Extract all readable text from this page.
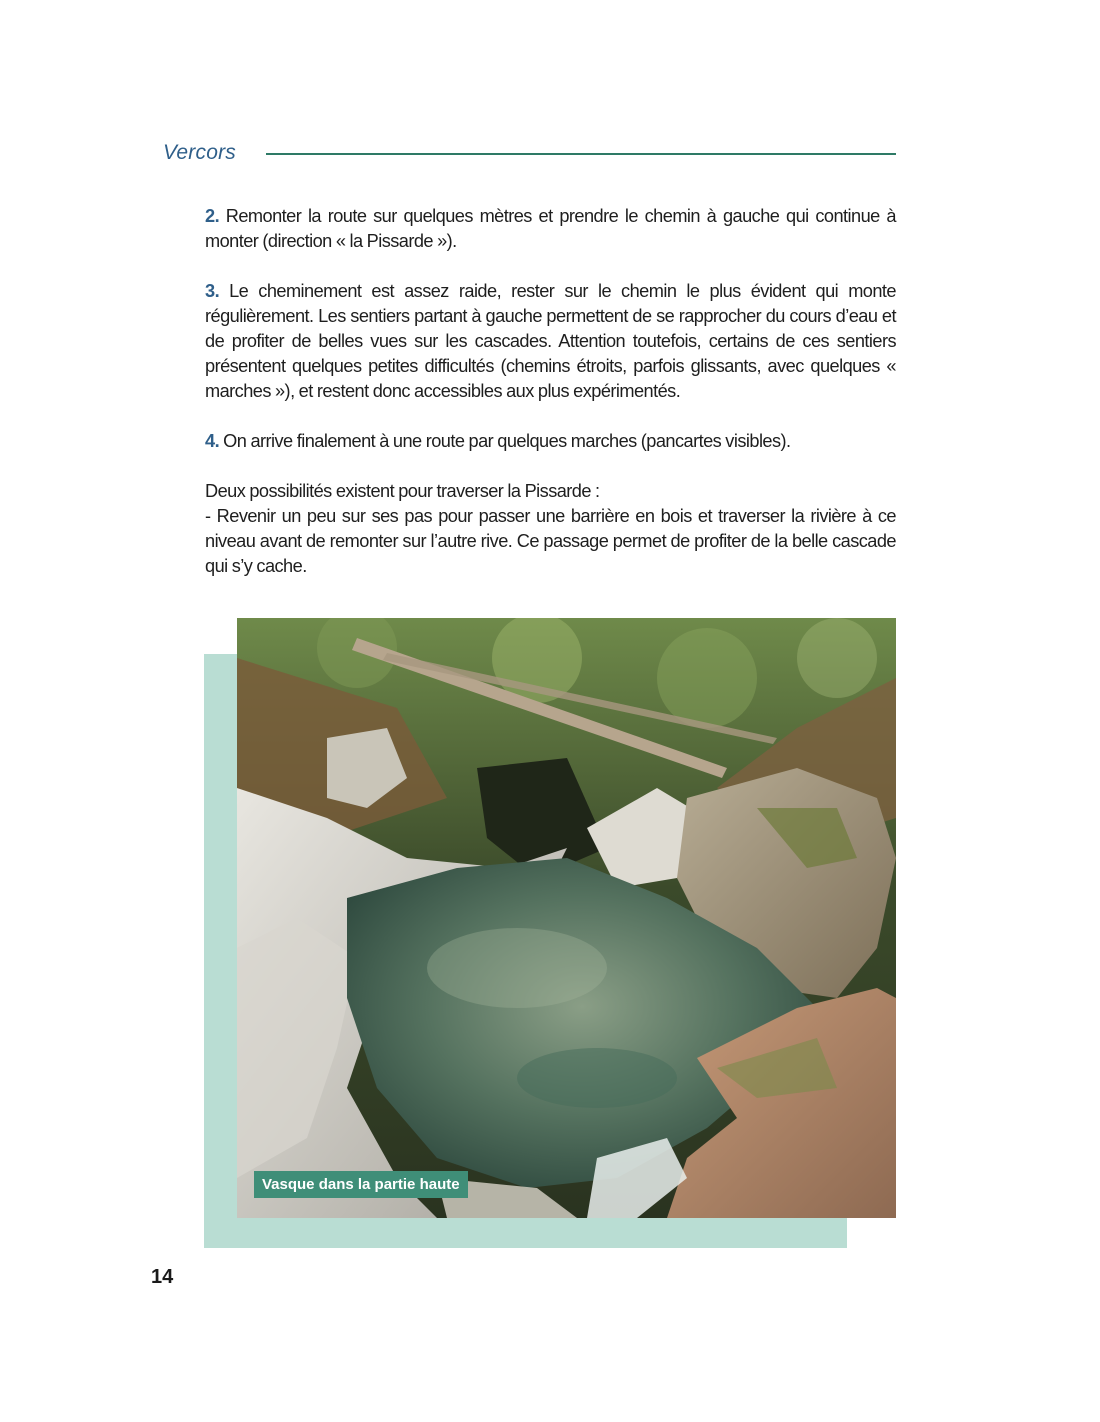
Vercors

2. Remonter la route sur quelques mètres et prendre le chemin à gauche qui continue à monter (direction « la Pissarde »).

3. Le cheminement est assez raide, rester sur le chemin le plus évident qui monte régulièrement. Les sentiers partant à gauche permettent de se rapprocher du cours d’eau et de profiter de belles vues sur les cascades. Attention toutefois, certains de ces sentiers présentent quelques petites difficultés (chemins étroits, parfois glissants, avec quelques « marches »), et restent donc accessibles aux plus expérimentés.

4. On arrive finalement à une route par quelques marches (pancartes visibles).

Deux possibilités existent pour traverser la Pissarde :

- Revenir un peu sur ses pas pour passer une barrière en bois et traverser la rivière à ce niveau avant de remonter sur l’autre rive. Ce passage permet de profiter de la belle cascade qui s’y cache.

Vasque dans la partie haute
14
